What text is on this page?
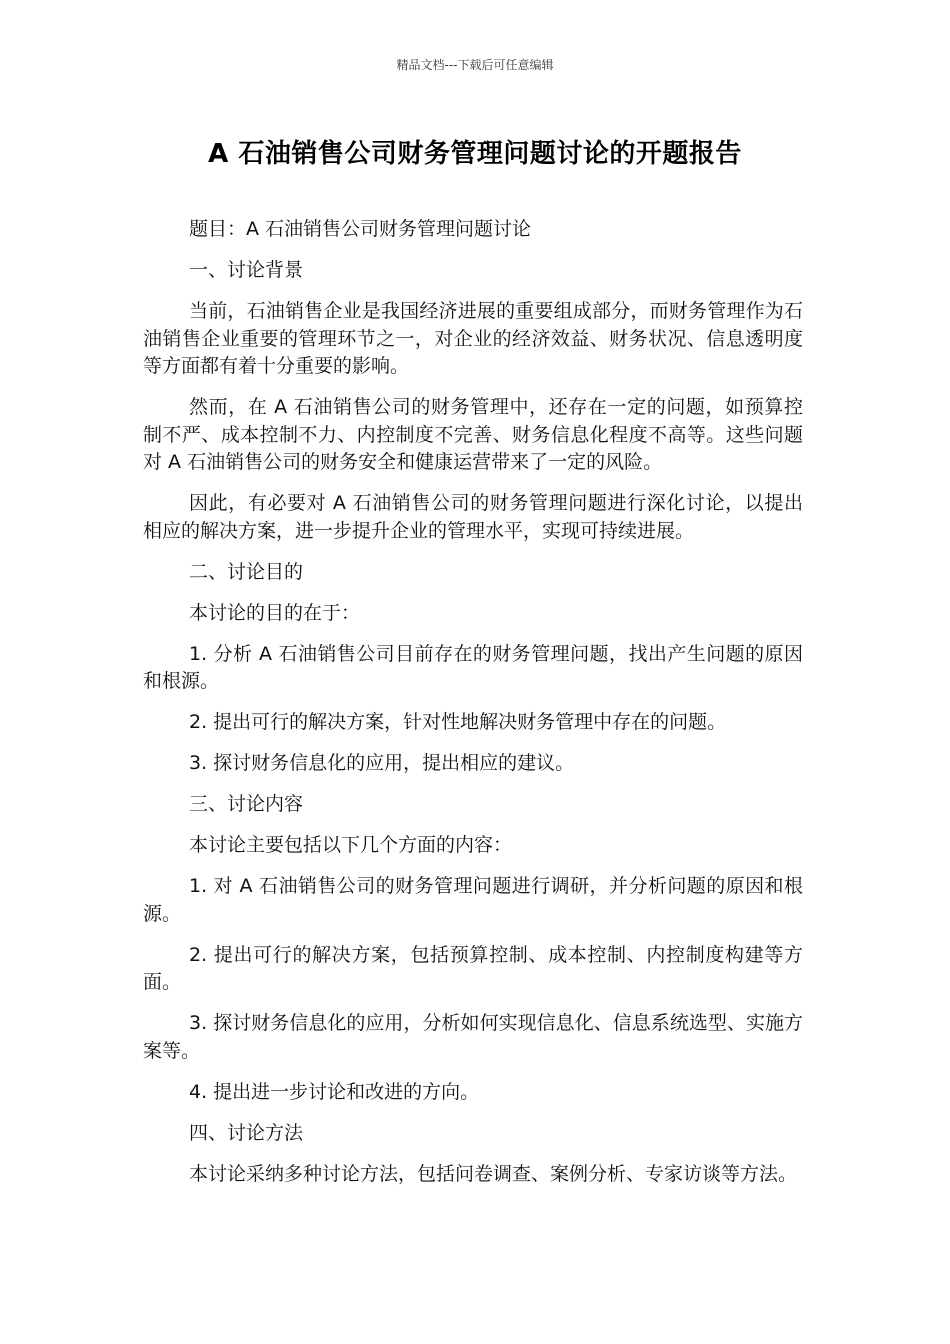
精品文档---下载后可任意编辑
A 石油销售公司财务管理问题讨论的开题报告

题目：A 石油销售公司财务管理问题讨论

一、讨论背景

当前，石油销售企业是我国经济进展的重要组成部分，而财务管理作为石油销售企业重要的管理环节之一，对企业的经济效益、财务状况、信息透明度等方面都有着十分重要的影响。

然而，在 A 石油销售公司的财务管理中，还存在一定的问题，如预算控制不严、成本控制不力、内控制度不完善、财务信息化程度不高等。这些问题对 A 石油销售公司的财务安全和健康运营带来了一定的风险。

因此，有必要对 A 石油销售公司的财务管理问题进行深化讨论，以提出相应的解决方案，进一步提升企业的管理水平，实现可持续进展。

二、讨论目的

本讨论的目的在于：

1. 分析 A 石油销售公司目前存在的财务管理问题，找出产生问题的原因和根源。

2. 提出可行的解决方案，针对性地解决财务管理中存在的问题。

3. 探讨财务信息化的应用，提出相应的建议。

三、讨论内容

本讨论主要包括以下几个方面的内容：

1. 对 A 石油销售公司的财务管理问题进行调研，并分析问题的原因和根源。

2. 提出可行的解决方案，包括预算控制、成本控制、内控制度构建等方面。

3. 探讨财务信息化的应用，分析如何实现信息化、信息系统选型、实施方案等。

4. 提出进一步讨论和改进的方向。

四、讨论方法

本讨论采纳多种讨论方法，包括问卷调查、案例分析、专家访谈等方法。
